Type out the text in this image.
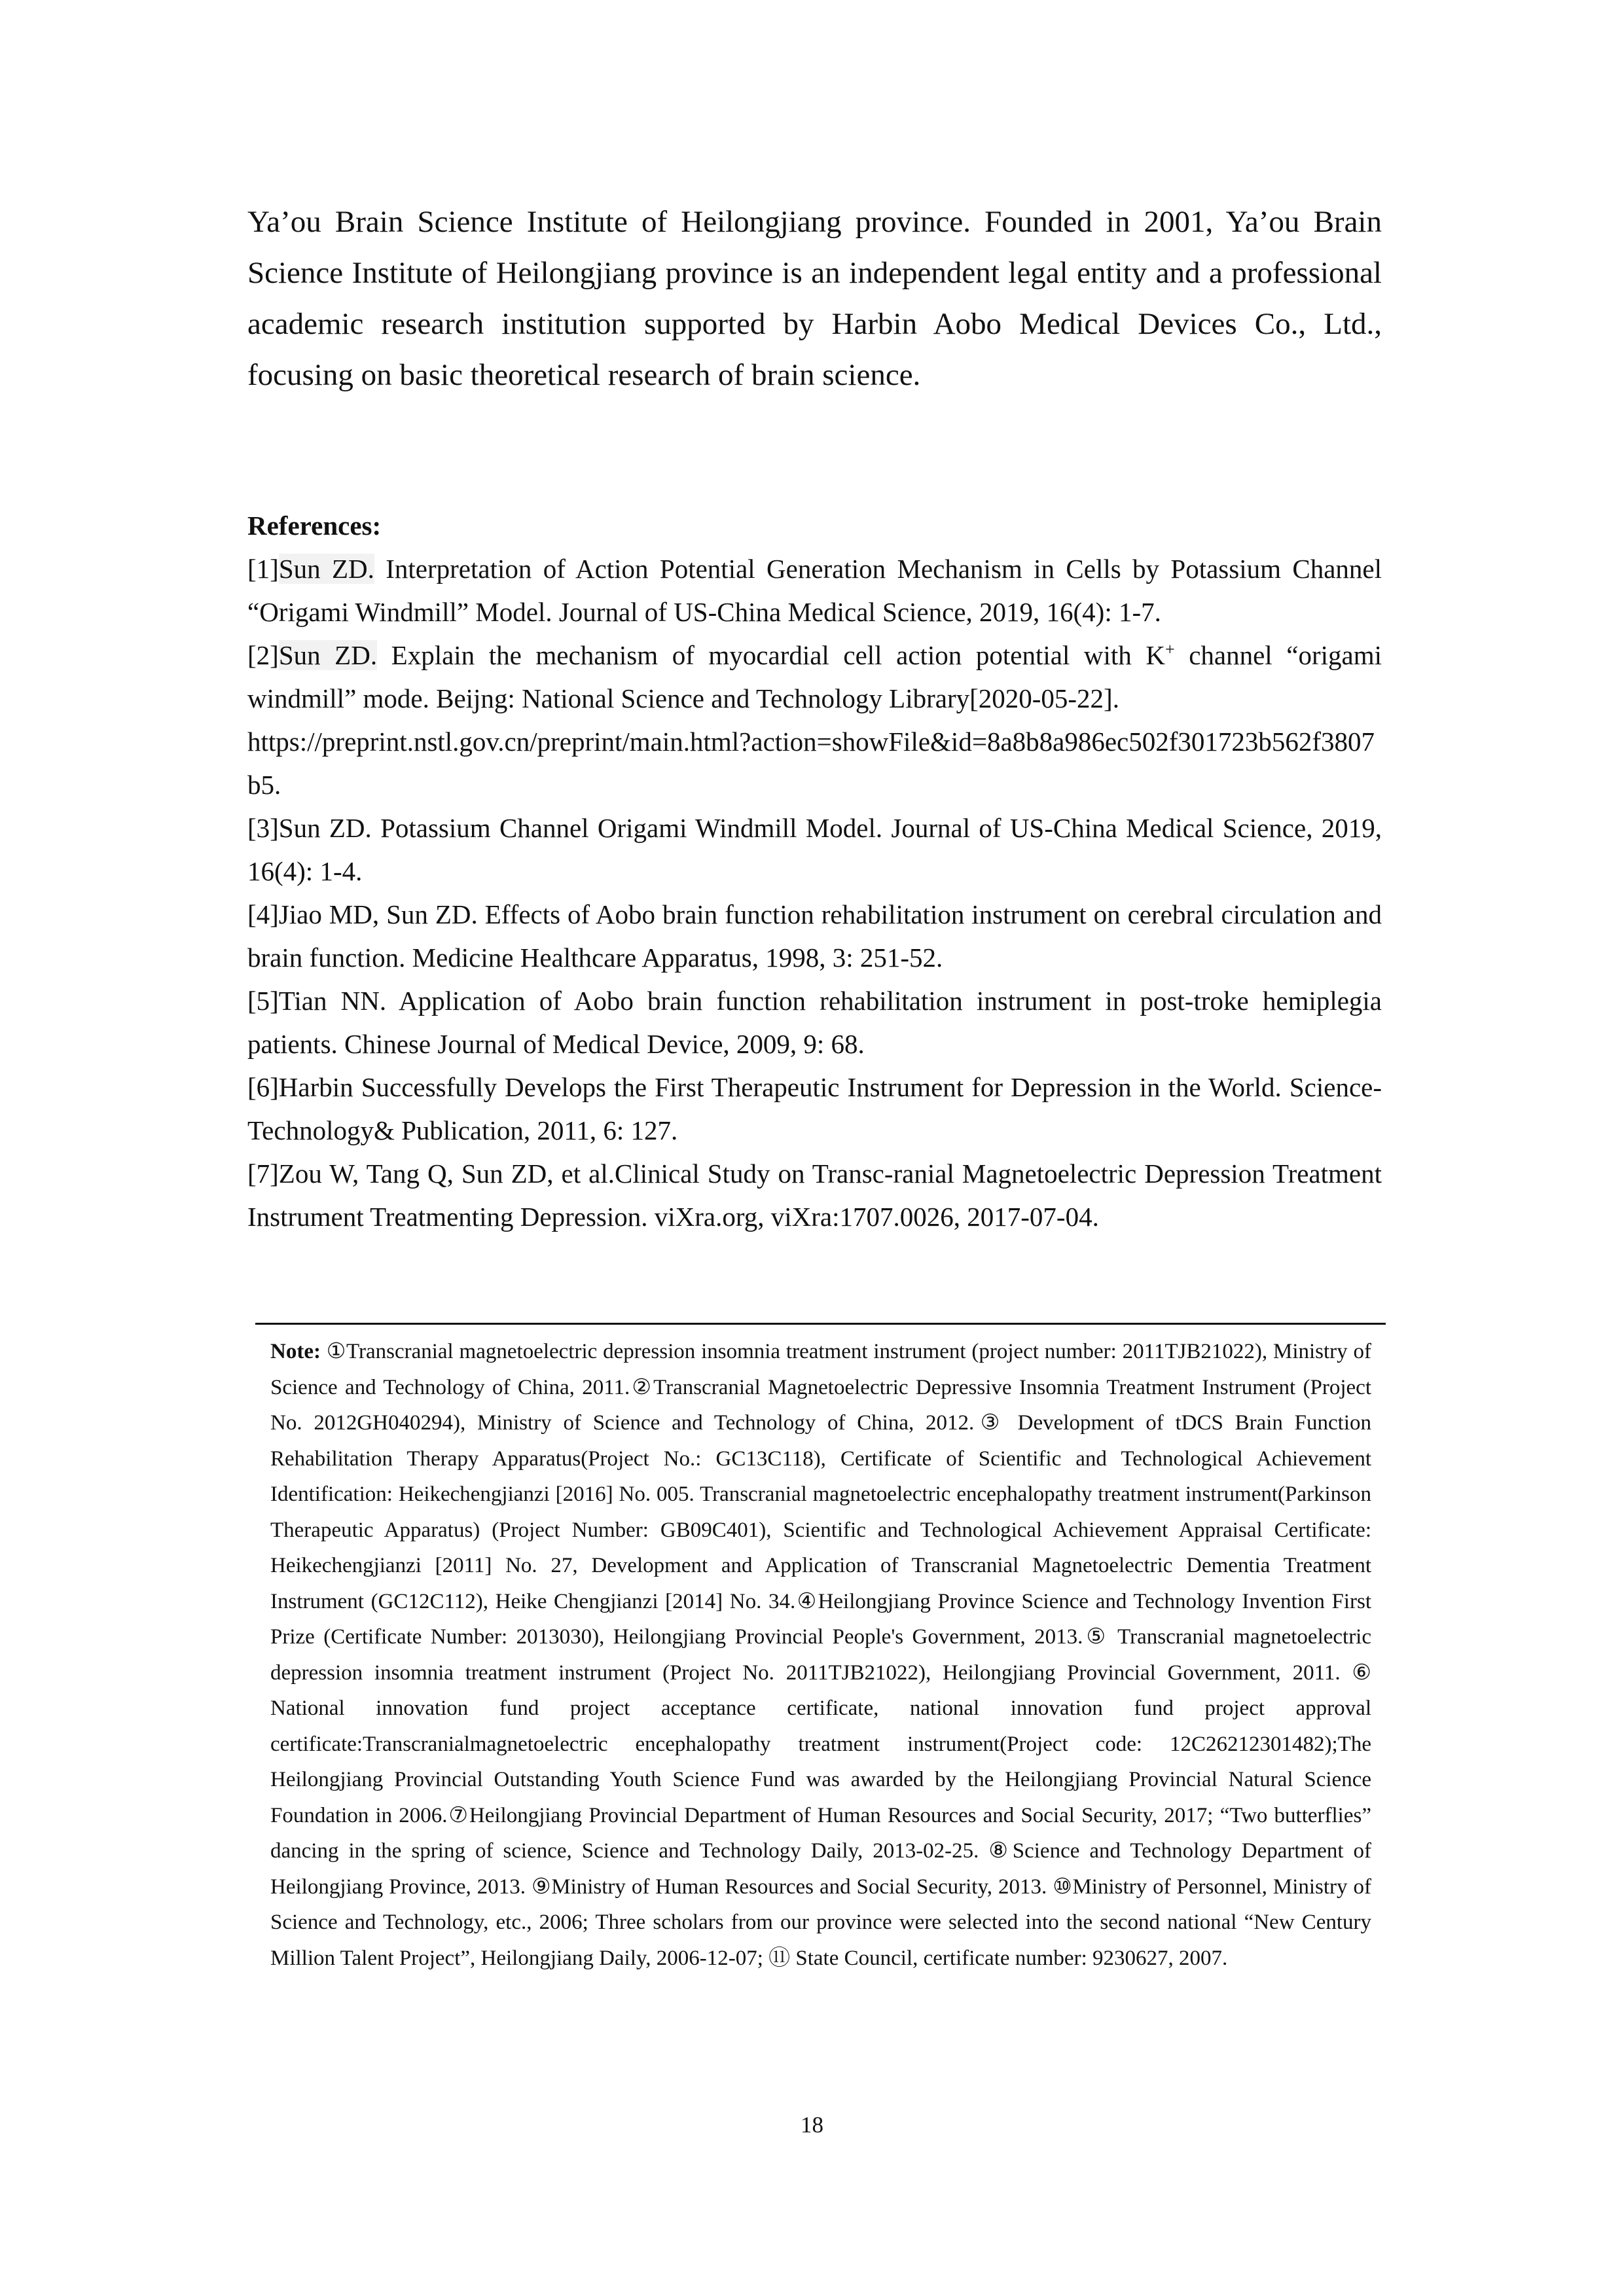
Ya’ou Brain Science Institute of Heilongjiang province. Founded in 2001, Ya’ou Brain Science Institute of Heilongjiang province is an independent legal entity and a professional academic research institution supported by Harbin Aobo Medical Devices Co., Ltd., focusing on basic theoretical research of brain science.

References:

[1]Sun ZD. Interpretation of Action Potential Generation Mechanism in Cells by Potassium Channel “Origami Windmill” Model. Journal of US-China Medical Science, 2019, 16(4): 1-7.
[2]Sun ZD. Explain the mechanism of myocardial cell action potential with K+ channel “origami windmill” mode. Beijng: National Science and Technology Library[2020-05-22].
https://preprint.nstl.gov.cn/preprint/main.html?action=showFile&id=8a8b8a986ec502f301723b562f3807b5.
[3]Sun ZD. Potassium Channel Origami Windmill Model. Journal of US-China Medical Science, 2019, 16(4): 1-4.
[4]Jiao MD, Sun ZD. Effects of Aobo brain function rehabilitation instrument on cerebral circulation and brain function. Medicine Healthcare Apparatus, 1998, 3: 251-52.
[5]Tian NN. Application of Aobo brain function rehabilitation instrument in post-troke hemiplegia patients. Chinese Journal of Medical Device, 2009, 9: 68.
[6]Harbin Successfully Develops the First Therapeutic Instrument for Depression in the World. Science-Technology& Publication, 2011, 6: 127.
[7]Zou W, Tang Q, Sun ZD, et al.Clinical Study on Transc-ranial Magnetoelectric Depression Treatment Instrument Treatmenting Depression. viXra.org, viXra:1707.0026, 2017-07-04.

Note: ①Transcranial magnetoelectric depression insomnia treatment instrument (project number: 2011TJB21022), Ministry of Science and Technology of China, 2011.②Transcranial Magnetoelectric Depressive Insomnia Treatment Instrument (Project No. 2012GH040294), Ministry of Science and Technology of China, 2012.③ Development of tDCS Brain Function Rehabilitation Therapy Apparatus(Project No.: GC13C118), Certificate of Scientific and Technological Achievement Identification: Heikechengjianzi [2016] No. 005. Transcranial magnetoelectric encephalopathy treatment instrument(Parkinson Therapeutic Apparatus) (Project Number: GB09C401), Scientific and Technological Achievement Appraisal Certificate: Heikechengjianzi [2011] No. 27, Development and Application of Transcranial Magnetoelectric Dementia Treatment Instrument (GC12C112), Heike Chengjianzi [2014] No. 34.④Heilongjiang Province Science and Technology Invention First Prize (Certificate Number: 2013030), Heilongjiang Provincial People's Government, 2013.⑤ Transcranial magnetoelectric depression insomnia treatment instrument (Project No. 2011TJB21022), Heilongjiang Provincial Government, 2011. ⑥ National innovation fund project acceptance certificate, national innovation fund project approval certificate:Transcranialmagnetoelectric encephalopathy treatment instrument(Project code: 12C26212301482);The Heilongjiang Provincial Outstanding Youth Science Fund was awarded by the Heilongjiang Provincial Natural Science Foundation in 2006.⑦Heilongjiang Provincial Department of Human Resources and Social Security, 2017; “Two butterflies” dancing in the spring of science, Science and Technology Daily, 2013-02-25. ⑧Science and Technology Department of Heilongjiang Province, 2013. ⑨Ministry of Human Resources and Social Security, 2013. ⑩Ministry of Personnel, Ministry of Science and Technology, etc., 2006; Three scholars from our province were selected into the second national “New Century Million Talent Project”, Heilongjiang Daily, 2006-12-07; ⑪ State Council, certificate number: 9230627, 2007.

18
